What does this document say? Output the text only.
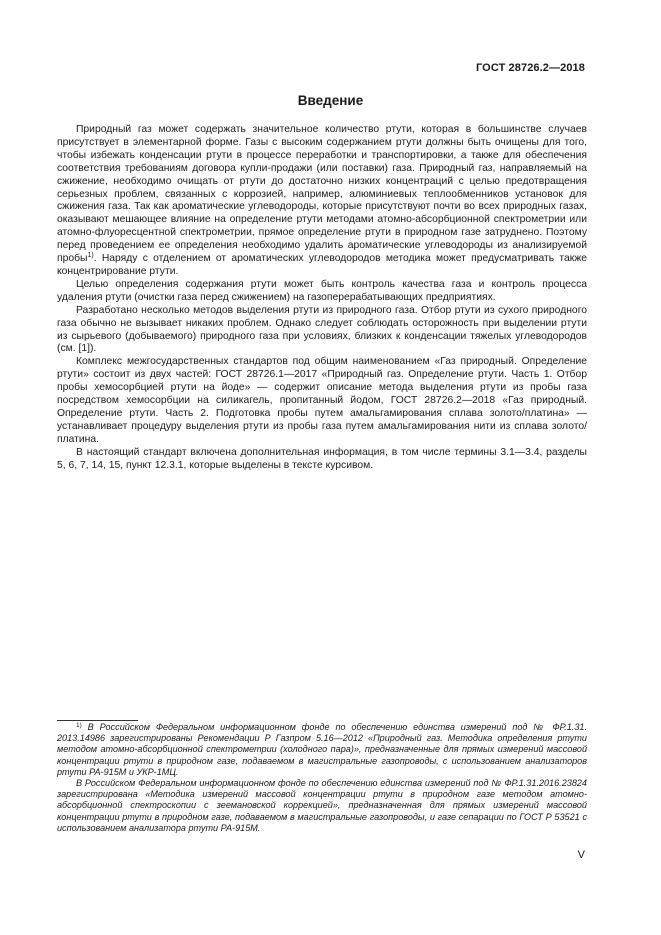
ГОСТ 28726.2—2018
Введение

Природный газ может содержать значительное количество ртути, которая в большинстве случаев присутствует в элементарной форме. Газы с высоким содержанием ртути должны быть очищены для того, чтобы избежать конденсации ртути в процессе переработки и транспортировки, а также для обеспечения соответствия требованиям договора купли-продажи (или поставки) газа. Природный газ, направляемый на сжижение, необходимо очищать от ртути до достаточно низких концентраций с целью предотвращения серьезных проблем, связанных с коррозией, например, алюминиевых теплообменников установок для сжижения газа. Так как ароматические углеводороды, которые присутствуют почти во всех природных газах, оказывают мешающее влияние на определение ртути методами атомно-абсорбционной спектрометрии или атомно-флуоресцентной спектрометрии, прямое определение ртути в природном газе затруднено. Поэтому перед проведением ее определения необходимо удалить ароматические углеводороды из анализируемой пробы$^{1)}$. Наряду с отделением от ароматических углеводородов методика может предусматривать также концентрирование ртути.

Целью определения содержания ртути может быть контроль качества газа и контроль процесса удаления ртути (очистки газа перед сжижением) на газоперерабатывающих предприятиях.

Разработано несколько методов выделения ртути из природного газа. Отбор ртути из сухого природного газа обычно не вызывает никаких проблем. Однако следует соблюдать осторожность при выделении ртути из сырьевого (добываемого) природного газа при условиях, близких к конденсации тяжелых углеводородов (см. [1]).

Комплекс межгосударственных стандартов под общим наименованием «Газ природный. Определение ртути» состоит из двух частей: ГОСТ 28726.1—2017 «Природный газ. Определение ртути. Часть 1. Отбор пробы хемосорбцией ртути на йоде» — содержит описание метода выделения ртути из пробы газа посредством хемосорбции на силикагель, пропитанный йодом, ГОСТ 28726.2—2018 «Газ природный. Определение ртути. Часть 2. Подготовка пробы путем амальгамирования сплава золото/платина» — устанавливает процедуру выделения ртути из пробы газа путем амальгамирования нити из сплава золото/платина.

В настоящий стандарт включена дополнительная информация, в том числе термины 3.1—3.4, разделы 5, 6, 7, 14, 15, пункт 12.3.1, которые выделены в тексте курсивом.

$^{1)}$ В Российском Федеральном информационном фонде по обеспечению единства измерений под № ФР.1.31. 2013.14986 зарегистрированы Рекомендации Р Газпром 5.16—2012 «Природный газ. Методика определения ртути методом атомно-абсорбционной спектрометрии (холодного пара)», предназначенные для прямых измерений массовой концентрации ртути в природном газе, подаваемом в магистральные газопроводы, с использованием анализаторов ртути РА-915М и УКР-1МЦ.

В Российском Федеральном информационном фонде по обеспечению единства измерений под № ФР.1.31.2016.23824 зарегистрирована «Методика измерений массовой концентрации ртути в природном газе методом атомно-абсорбционной спектроскопии с зеемановской коррекцией», предназначенная для прямых измерений массовой концентрации ртути в природном газе, подаваемом в магистральные газопроводы, и газе сепарации по ГОСТ Р 53521 с использованием анализатора ртути РА-915М.

V
